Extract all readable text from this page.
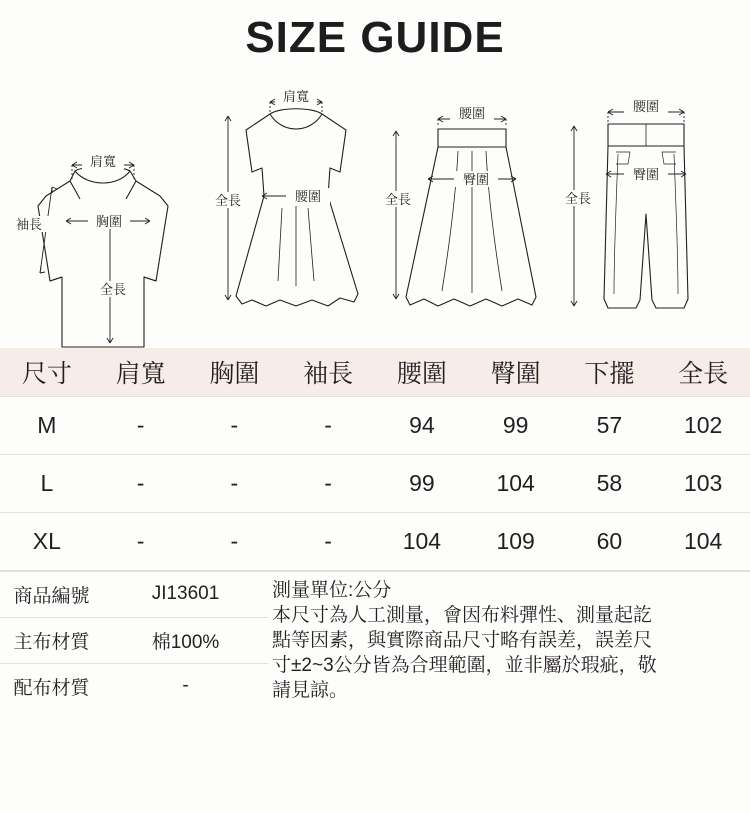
SIZE GUIDE
肩寬
袖長	胸圍
全長
肩寬
腰圍
全長
腰圍
臀圍
全長
腰圍
臀圍
全長
尺寸	肩寬	胸圍	袖長	腰圍	臀圍	下擺	全長
M	-	-	-	94	99	57	102
L	-	-	-	99	104	58	103
XL	-	-	-	104	109	60	104
商品編號	JI13601	測量單位:公分
本尺寸為人工測量，會因布料彈性、測量起訖
點等因素，與實際商品尺寸略有誤差，誤差尺
寸±2~3公分皆為合理範圍，並非屬於瑕疵，敬
請見諒。

主布材質	棉100%	
配布材質	-	
